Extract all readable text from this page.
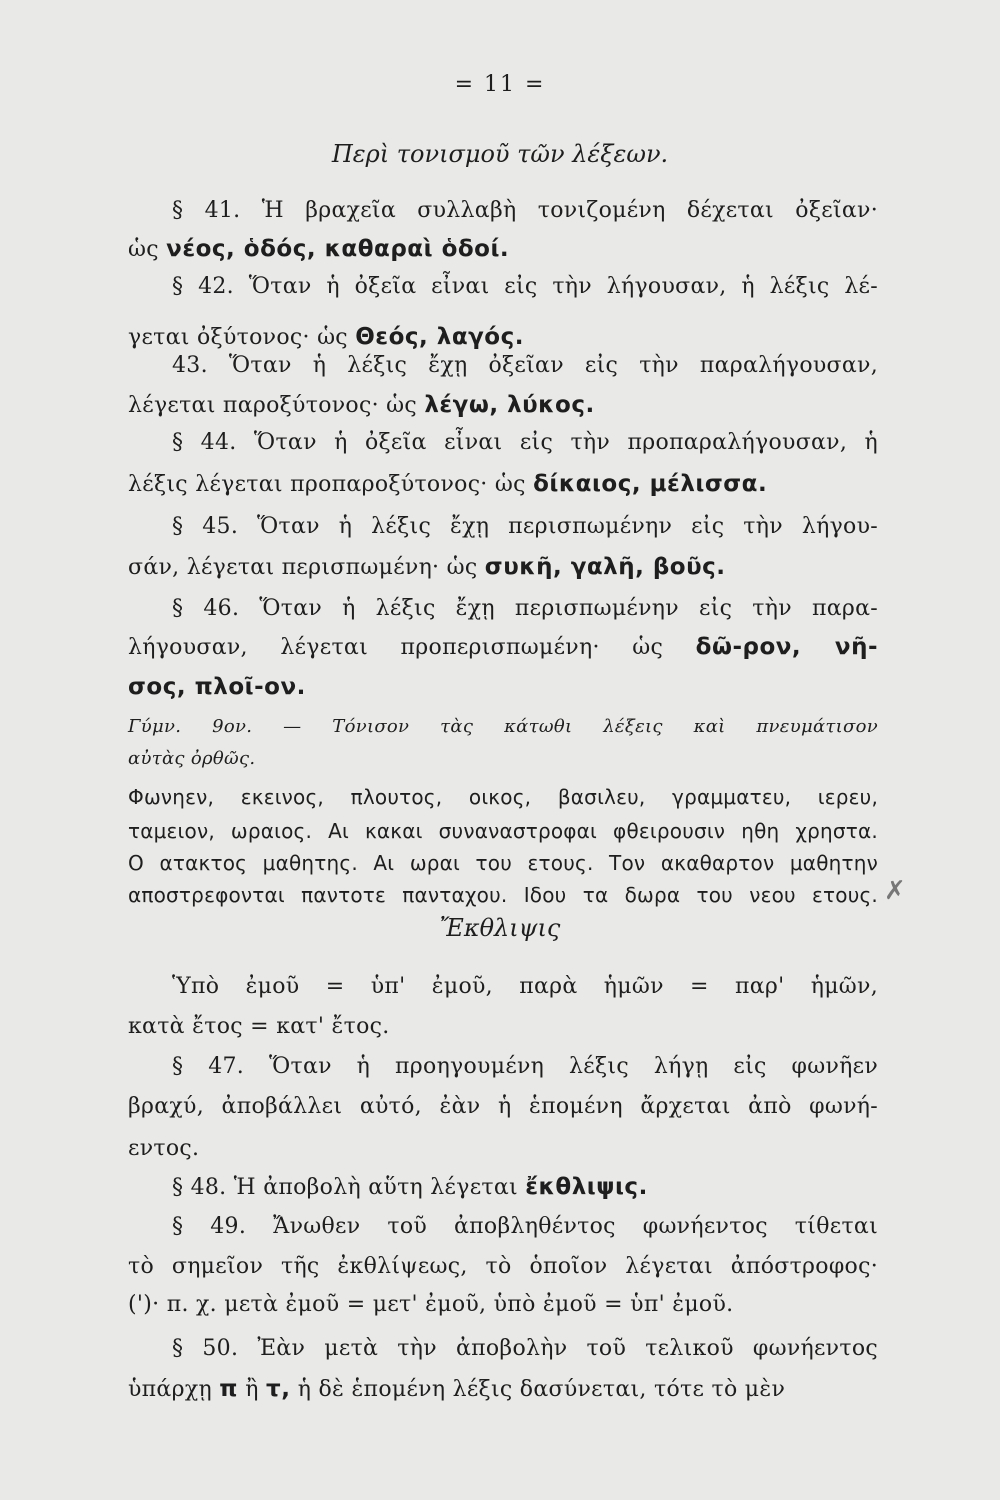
= 11 =
Περὶ τονισμοῦ τῶν λέξεων.
§ 41. Ἡ βραχεῖα συλλαβὴ τονιζομένη δέχεται ὀξεῖαν·
ὡς νέος, ὁδός, καθαραὶ ὁδοί.
§ 42. Ὅταν ἡ ὀξεῖα εἶναι εἰς τὴν λήγουσαν, ἡ λέξις λέ-
γεται ὀξύτονος· ὡς Θεός, λαγός.
43. Ὅταν ἡ λέξις ἔχῃ ὀξεῖαν εἰς τὴν παραλήγουσαν,
λέγεται παροξύτονος· ὡς λέγω, λύκος.
§ 44. Ὅταν ἡ ὀξεῖα εἶναι εἰς τὴν προπαραλήγουσαν, ἡ
λέξις λέγεται προπαροξύτονος· ὡς δίκαιος, μέλισσα.
§ 45. Ὅταν ἡ λέξις ἔχῃ περισπωμένην εἰς τὴν λήγου-
σάν, λέγεται περισπωμένη· ὡς συκῆ, γαλῆ, βοῦς.
§ 46. Ὅταν ἡ λέξις ἔχῃ περισπωμένην εἰς τὴν παρα-
λήγουσαν, λέγεται προπερισπωμένη· ὡς δῶ-ρον, νῆ-
σος, πλοῖ-ον.
Γύμν. 9ον. — Τόνισον τὰς κάτωθι λέξεις καὶ πνευμάτισον
αὐτὰς ὀρθῶς.
Φωνηεν, εκεινος, πλουτος, οικος, βασιλευ, γραμματευ, ιερευ,
ταμειον, ωραιος. Αι κακαι συναναστροφαι φθειρουσιν ηθη χρηστα.
Ο ατακτος μαθητης. Αι ωραι του ετους. Τον ακαθαρτον μαθητην
αποστρεφονται παντοτε πανταχου. Ιδου τα δωρα του νεου ετους. ✗
Ἔκθλιψις
Ὑπὸ ἐμοῦ = ὑπ' ἐμοῦ, παρὰ ἡμῶν = παρ' ἡμῶν,
κατὰ ἔτος = κατ' ἔτος.
§ 47. Ὅταν ἡ προηγουμένη λέξις λήγῃ εἰς φωνῆεν
βραχύ, ἀποβάλλει αὐτό, ἐὰν ἡ ἑπομένη ἄρχεται ἀπὸ φωνή-
εντος.
§ 48. Ἡ ἀποβολὴ αὕτη λέγεται ἔκθλιψις.
§ 49. Ἄνωθεν τοῦ ἀποβληθέντος φωνήεντος τίθεται
τὸ σημεῖον τῆς ἐκθλίψεως, τὸ ὁποῖον λέγεται ἀπόστροφος·
(')· π. χ. μετὰ ἐμοῦ = μετ' ἐμοῦ, ὑπὸ ἐμοῦ = ὑπ' ἐμοῦ.
§ 50. Ἐὰν μετὰ τὴν ἀποβολὴν τοῦ τελικοῦ φωνήεντος
ὑπάρχῃ π ἢ τ, ἡ δὲ ἑπομένη λέξις δασύνεται, τότε τὸ μὲν
